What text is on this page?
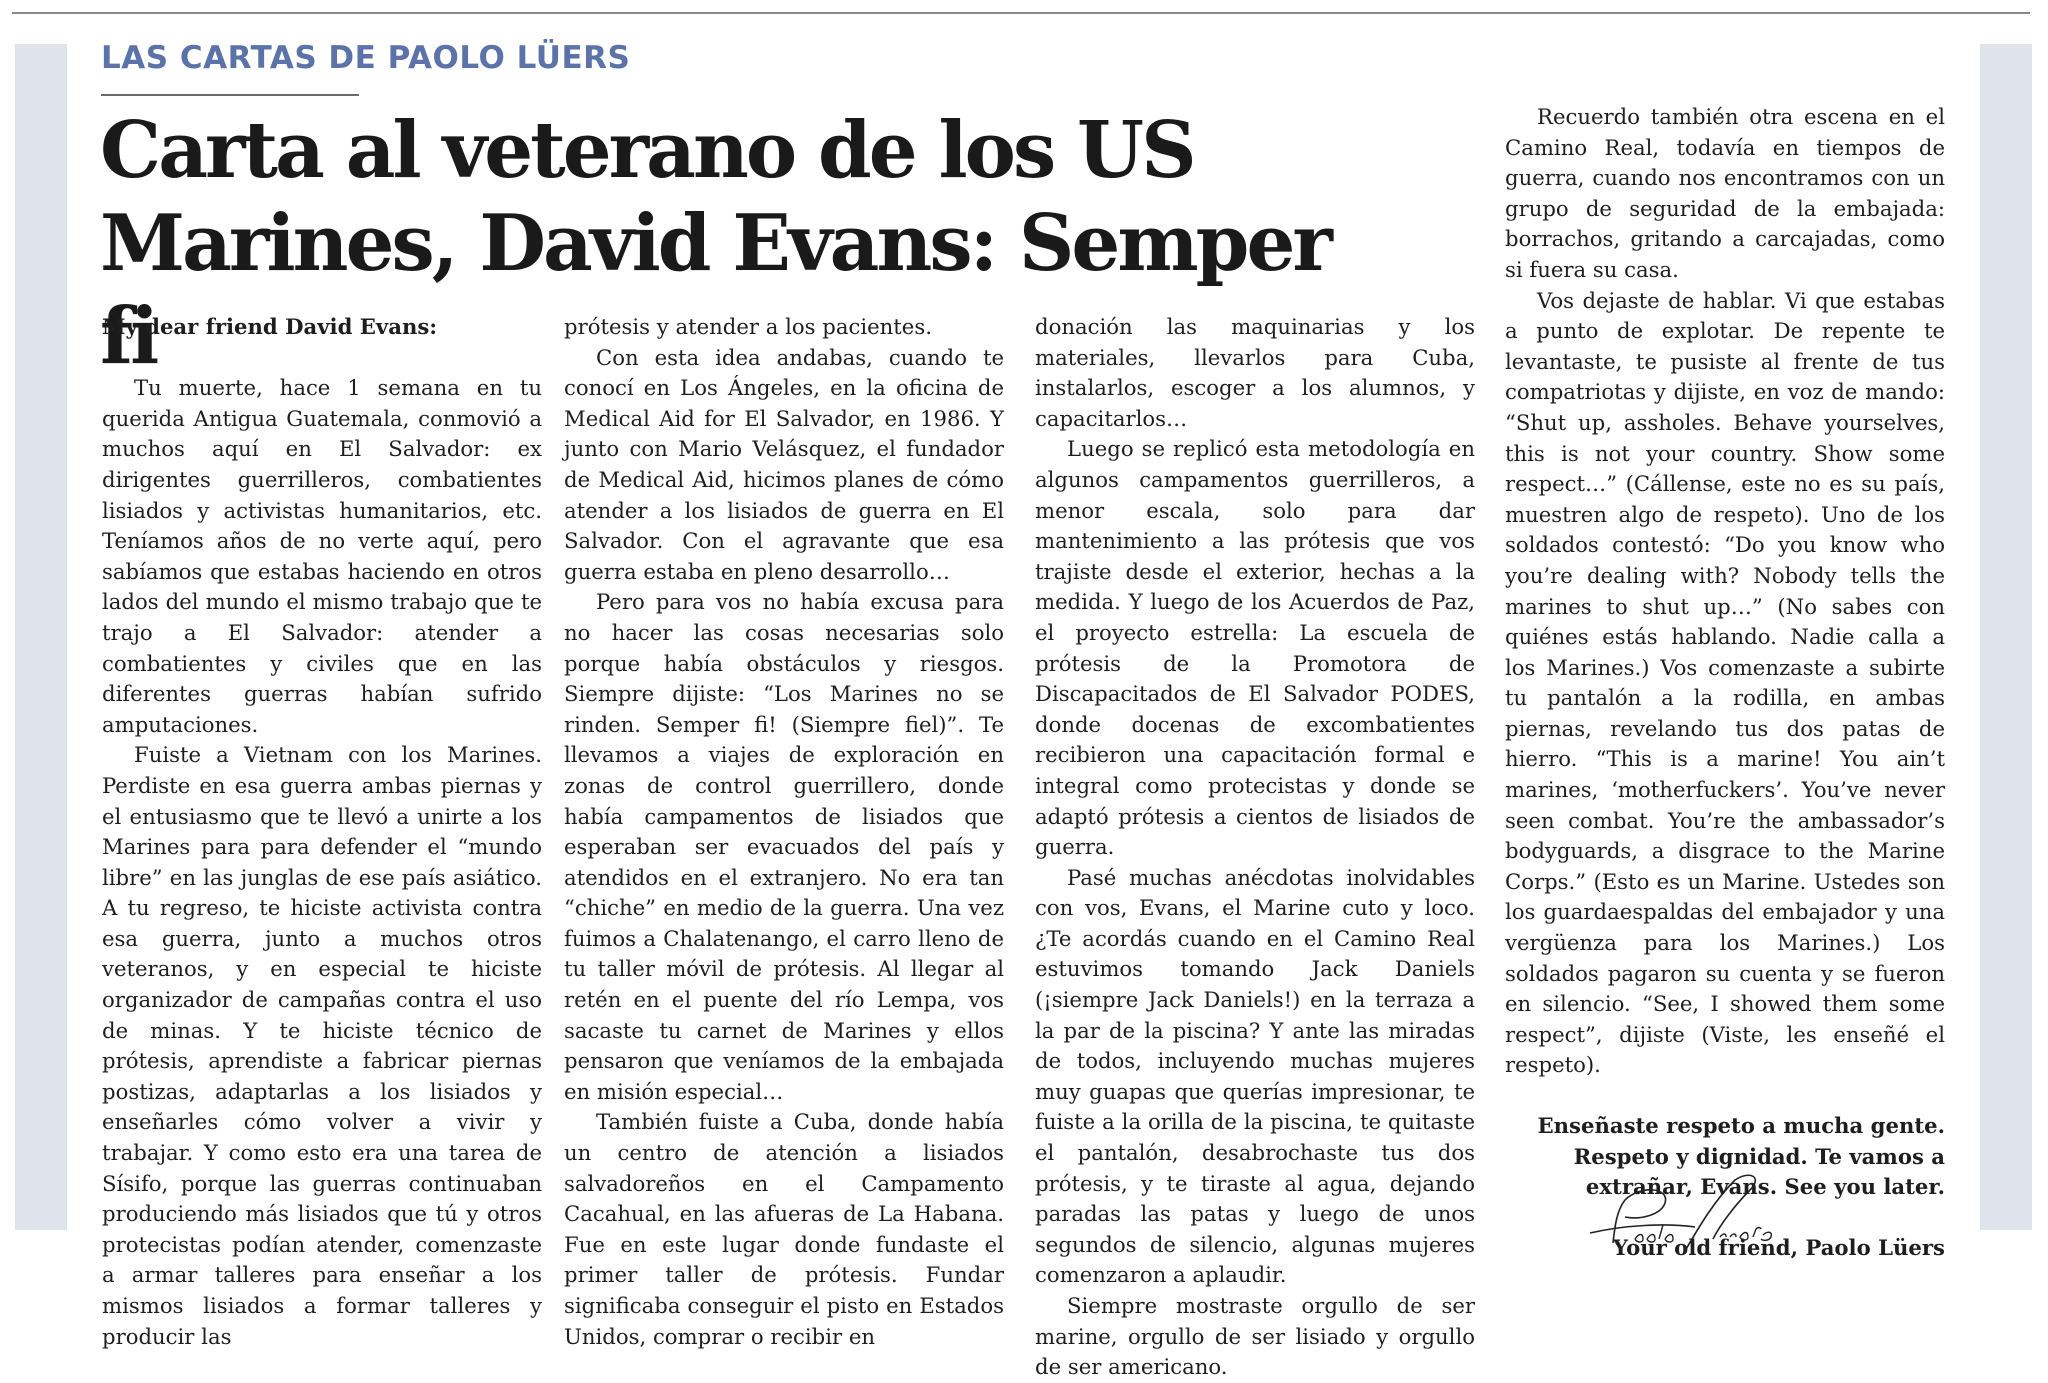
LAS CARTAS DE PAOLO LÜERS
Carta al veterano de los US Marines, David Evans: Semper fi

My dear friend David Evans:

Tu muerte, hace 1 semana en tu querida Antigua Guatemala, conmovió a muchos aquí en El Salvador: ex dirigentes guerrilleros, combatientes lisiados y activistas humanitarios, etc. Teníamos años de no verte aquí, pero sabíamos que estabas haciendo en otros lados del mundo el mismo trabajo que te trajo a El Salvador: atender a combatientes y civiles que en las diferentes guerras habían sufrido amputaciones.

Fuiste a Vietnam con los Marines. Perdiste en esa guerra ambas piernas y el entusiasmo que te llevó a unirte a los Marines para para defender el “mundo libre” en las junglas de ese país asiático. A tu regreso, te hiciste activista contra esa guerra, junto a muchos otros veteranos, y en especial te hiciste organizador de campañas contra el uso de minas. Y te hiciste técnico de prótesis, aprendiste a fabricar piernas postizas, adaptarlas a los lisiados y enseñarles cómo volver a vivir y trabajar. Y como esto era una tarea de Sísifo, porque las guerras continuaban produciendo más lisiados que tú y otros protecistas podían atender, comenzaste a armar talleres para enseñar a los mismos lisiados a formar talleres y producir las

prótesis y atender a los pacientes.

Con esta idea andabas, cuando te conocí en Los Ángeles, en la oficina de Medical Aid for El Salvador, en 1986. Y junto con Mario Velásquez, el fundador de Medical Aid, hicimos planes de cómo atender a los lisiados de guerra en El Salvador. Con el agravante que esa guerra estaba en pleno desarrollo…

Pero para vos no había excusa para no hacer las cosas necesarias solo porque había obstáculos y riesgos. Siempre dijiste: “Los Marines no se rinden. Semper fi! (Siempre fiel)”. Te llevamos a viajes de exploración en zonas de control guerrillero, donde había campamentos de lisiados que esperaban ser evacuados del país y atendidos en el extranjero. No era tan “chiche” en medio de la guerra. Una vez fuimos a Chalatenango, el carro lleno de tu taller móvil de prótesis. Al llegar al retén en el puente del río Lempa, vos sacaste tu carnet de Marines y ellos pensaron que veníamos de la embajada en misión especial…

También fuiste a Cuba, donde había un centro de atención a lisiados salvadoreños en el Campamento Cacahual, en las afueras de La Habana. Fue en este lugar donde fundaste el primer taller de prótesis. Fundar significaba conseguir el pisto en Estados Unidos, comprar o recibir en

donación las maquinarias y los materiales, llevarlos para Cuba, instalarlos, escoger a los alumnos, y capacitarlos…

Luego se replicó esta metodología en algunos campamentos guerrilleros, a menor escala, solo para dar mantenimiento a las prótesis que vos trajiste desde el exterior, hechas a la medida. Y luego de los Acuerdos de Paz, el proyecto estrella: La escuela de prótesis de la Promotora de Discapacitados de El Salvador PODES, donde docenas de excombatientes recibieron una capacitación formal e integral como protecistas y donde se adaptó prótesis a cientos de lisiados de guerra.

Pasé muchas anécdotas inolvidables con vos, Evans, el Marine cuto y loco. ¿Te acordás cuando en el Camino Real estuvimos tomando Jack Daniels (¡siempre Jack Daniels!) en la terraza a la par de la piscina? Y ante las miradas de todos, incluyendo muchas mujeres muy guapas que querías impresionar, te fuiste a la orilla de la piscina, te quitaste el pantalón, desabrochaste tus dos prótesis, y te tiraste al agua, dejando paradas las patas y luego de unos segundos de silencio, algunas mujeres comenzaron a aplaudir.

Siempre mostraste orgullo de ser marine, orgullo de ser lisiado y orgullo de ser americano.

Recuerdo también otra escena en el Camino Real, todavía en tiempos de guerra, cuando nos encontramos con un grupo de seguridad de la embajada: borrachos, gritando a carcajadas, como si fuera su casa.

Vos dejaste de hablar. Vi que estabas a punto de explotar. De repente te levantaste, te pusiste al frente de tus compatriotas y dijiste, en voz de mando: “Shut up, assholes. Behave yourselves, this is not your country. Show some respect…” (Cállense, este no es su país, muestren algo de respeto). Uno de los soldados contestó: “Do you know who you’re dealing with? Nobody tells the marines to shut up…” (No sabes con quiénes estás hablando. Nadie calla a los Marines.) Vos comenzaste a subirte tu pantalón a la rodilla, en ambas piernas, revelando tus dos patas de hierro. “This is a marine! You ain’t marines, ‘motherfuckers’. You’ve never seen combat. You’re the ambassador’s bodyguards, a disgrace to the Marine Corps.” (Esto es un Marine. Ustedes son los guardaespaldas del embajador y una vergüenza para los Marines.) Los soldados pagaron su cuenta y se fueron en silencio. “See, I showed them some respect”, dijiste (Viste, les enseñé el respeto).

Enseñaste respeto a mucha gente. Respeto y dignidad. Te vamos a extrañar, Evans. See you later.

Your old friend, Paolo Lüers
